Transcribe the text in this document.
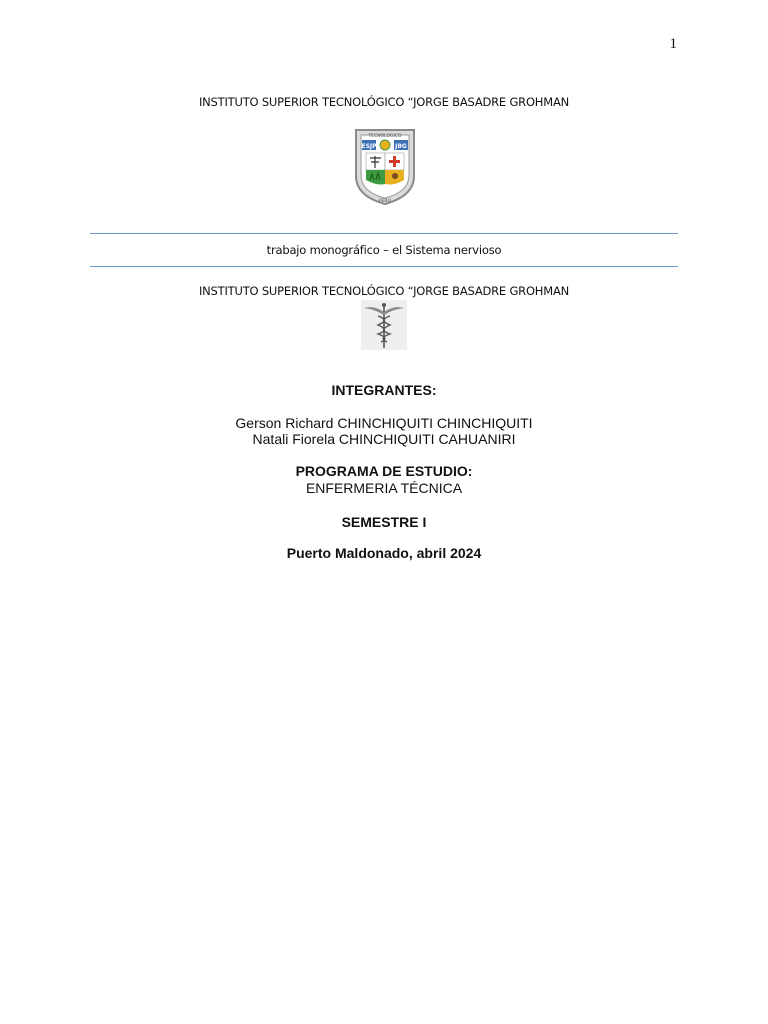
1
INSTITUTO SUPERIOR TECNOLÓGICO “JORGE BASADRE GROHMAN
TECNOLOGICO
ESJP	JBG
PERU
trabajo monográfico – el Sistema nervioso
INSTITUTO SUPERIOR TECNOLÓGICO “JORGE BASADRE GROHMAN
INTEGRANTES:
Gerson Richard CHINCHIQUITI CHINCHIQUITI
Natali Fiorela CHINCHIQUITI CAHUANIRI
PROGRAMA DE ESTUDIO:
ENFERMERIA TÉCNICA
SEMESTRE I
Puerto Maldonado, abril 2024
